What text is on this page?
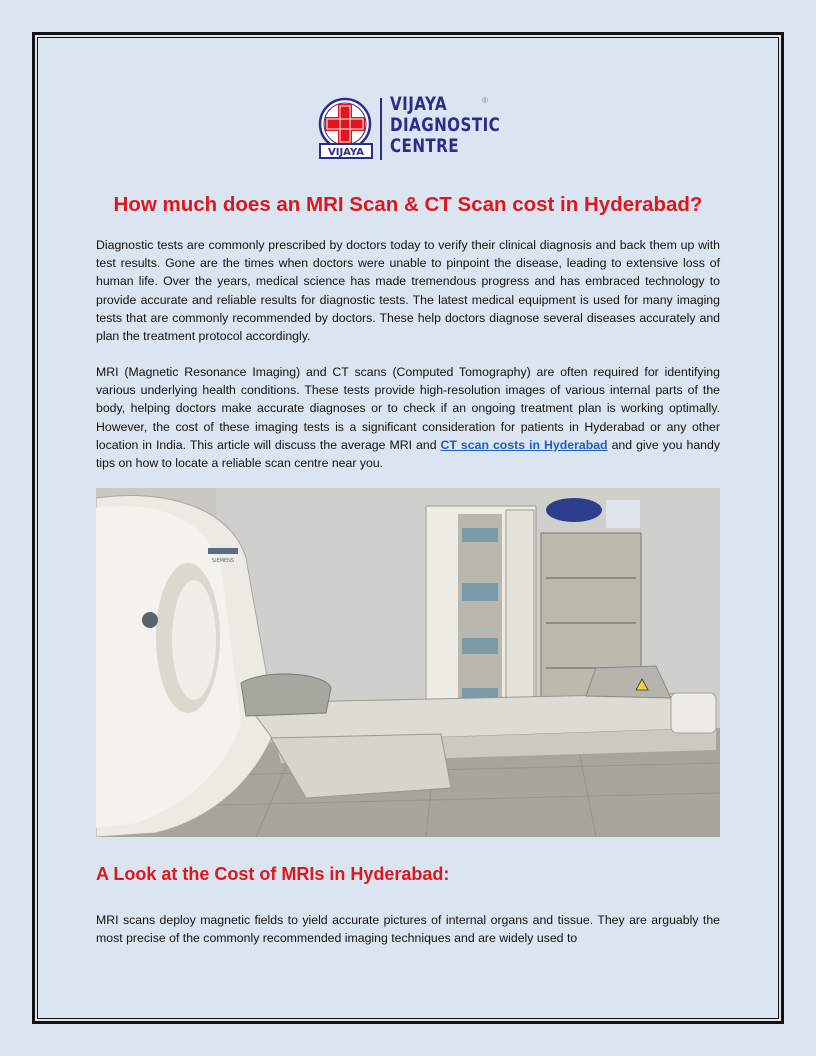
VIJAYA
VIJAYA
DIAGNOSTIC
CENTRE
®
How much does an MRI Scan & CT Scan cost in Hyderabad?

Diagnostic tests are commonly prescribed by doctors today to verify their clinical diagnosis and back them up with test results. Gone are the times when doctors were unable to pinpoint the disease, leading to extensive loss of human life. Over the years, medical science has made tremendous progress and has embraced technology to provide accurate and reliable results for diagnostic tests. The latest medical equipment is used for many imaging tests that are commonly recommended by doctors. These help doctors diagnose several diseases accurately and plan the treatment protocol accordingly.

MRI (Magnetic Resonance Imaging) and CT scans (Computed Tomography) are often required for identifying various underlying health conditions. These tests provide high-resolution images of various internal parts of the body, helping doctors make accurate diagnoses or to check if an ongoing treatment plan is working optimally. However, the cost of these imaging tests is a significant consideration for patients in Hyderabad or any other location in India. This article will discuss the average MRI and CT scan costs in Hyderabad and give you handy tips on how to locate a reliable scan centre near you.

SIEMENS
A Look at the Cost of MRIs in Hyderabad:

MRI scans deploy magnetic fields to yield accurate pictures of internal organs and tissue. They are arguably the most precise of the commonly recommended imaging techniques and are widely used to
